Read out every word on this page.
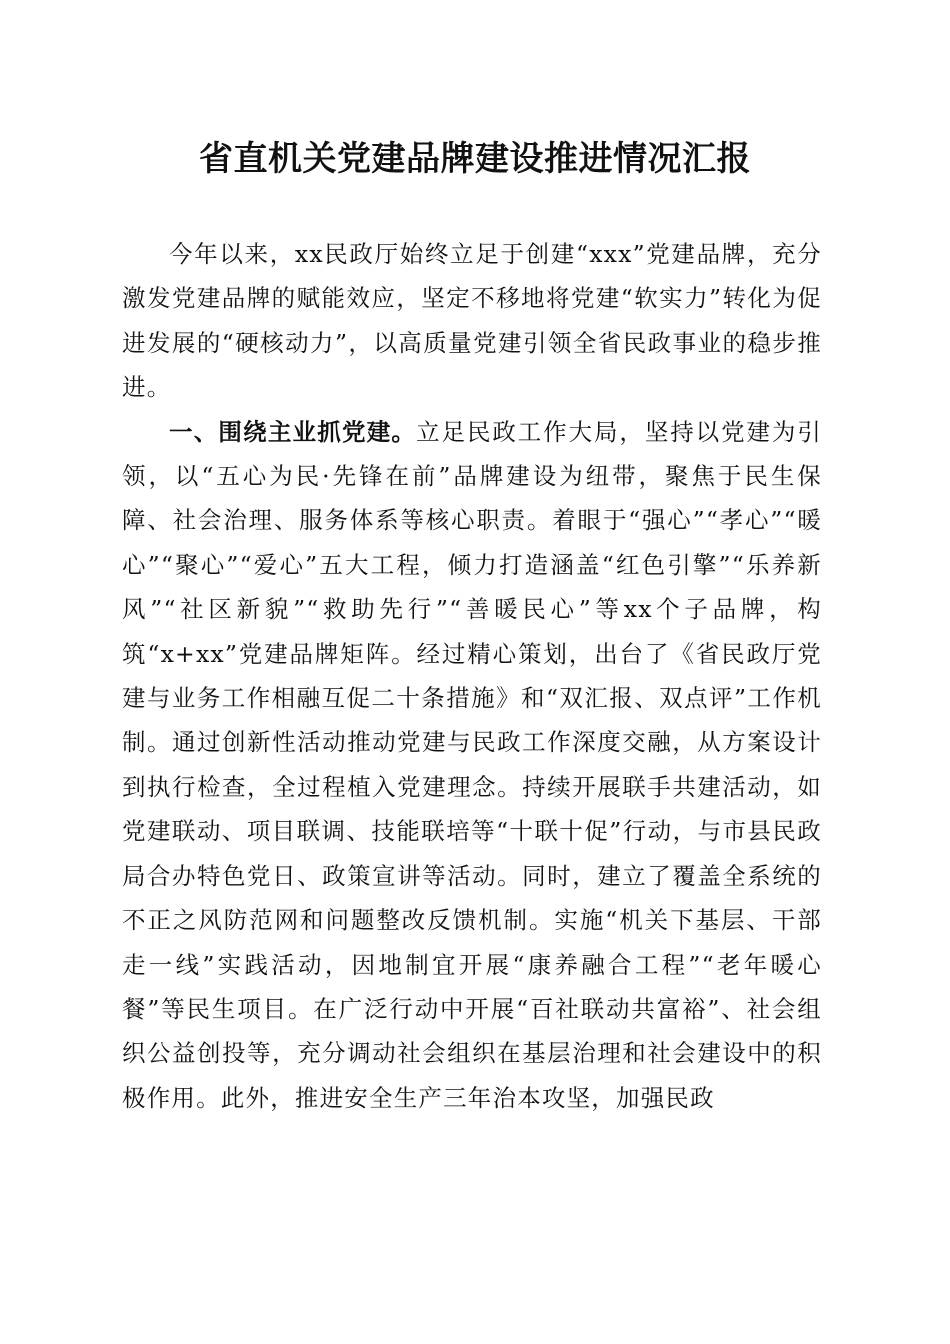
省直机关党建品牌建设推进情况汇报

今年以来，xx民政厅始终立足于创建“xxx”党建品牌，充分激发党建品牌的赋能效应，坚定不移地将党建“软实力”转化为促进发展的“硬核动力”，以高质量党建引领全省民政事业的稳步推进。

一、围绕主业抓党建。立足民政工作大局，坚持以党建为引领，以“五心为民·先锋在前”品牌建设为纽带，聚焦于民生保障、社会治理、服务体系等核心职责。着眼于“强心”“孝心”“暖心”“聚心”“爱心”五大工程，倾力打造涵盖“红色引擎”“乐养新风”“社区新貌”“救助先行”“善暖民心”等xx个子品牌，构筑“x+xx”党建品牌矩阵。经过精心策划，出台了《省民政厅党建与业务工作相融互促二十条措施》和“双汇报、双点评”工作机制。通过创新性活动推动党建与民政工作深度交融，从方案设计到执行检查，全过程植入党建理念。持续开展联手共建活动，如党建联动、项目联调、技能联培等“十联十促”行动，与市县民政局合办特色党日、政策宣讲等活动。同时，建立了覆盖全系统的不正之风防范网和问题整改反馈机制。实施“机关下基层、干部走一线”实践活动，因地制宜开展“康养融合工程”“老年暖心餐”等民生项目。在广泛行动中开展“百社联动共富裕”、社会组织公益创投等，充分调动社会组织在基层治理和社会建设中的积极作用。此外，推进安全生产三年治本攻坚，加强民政
